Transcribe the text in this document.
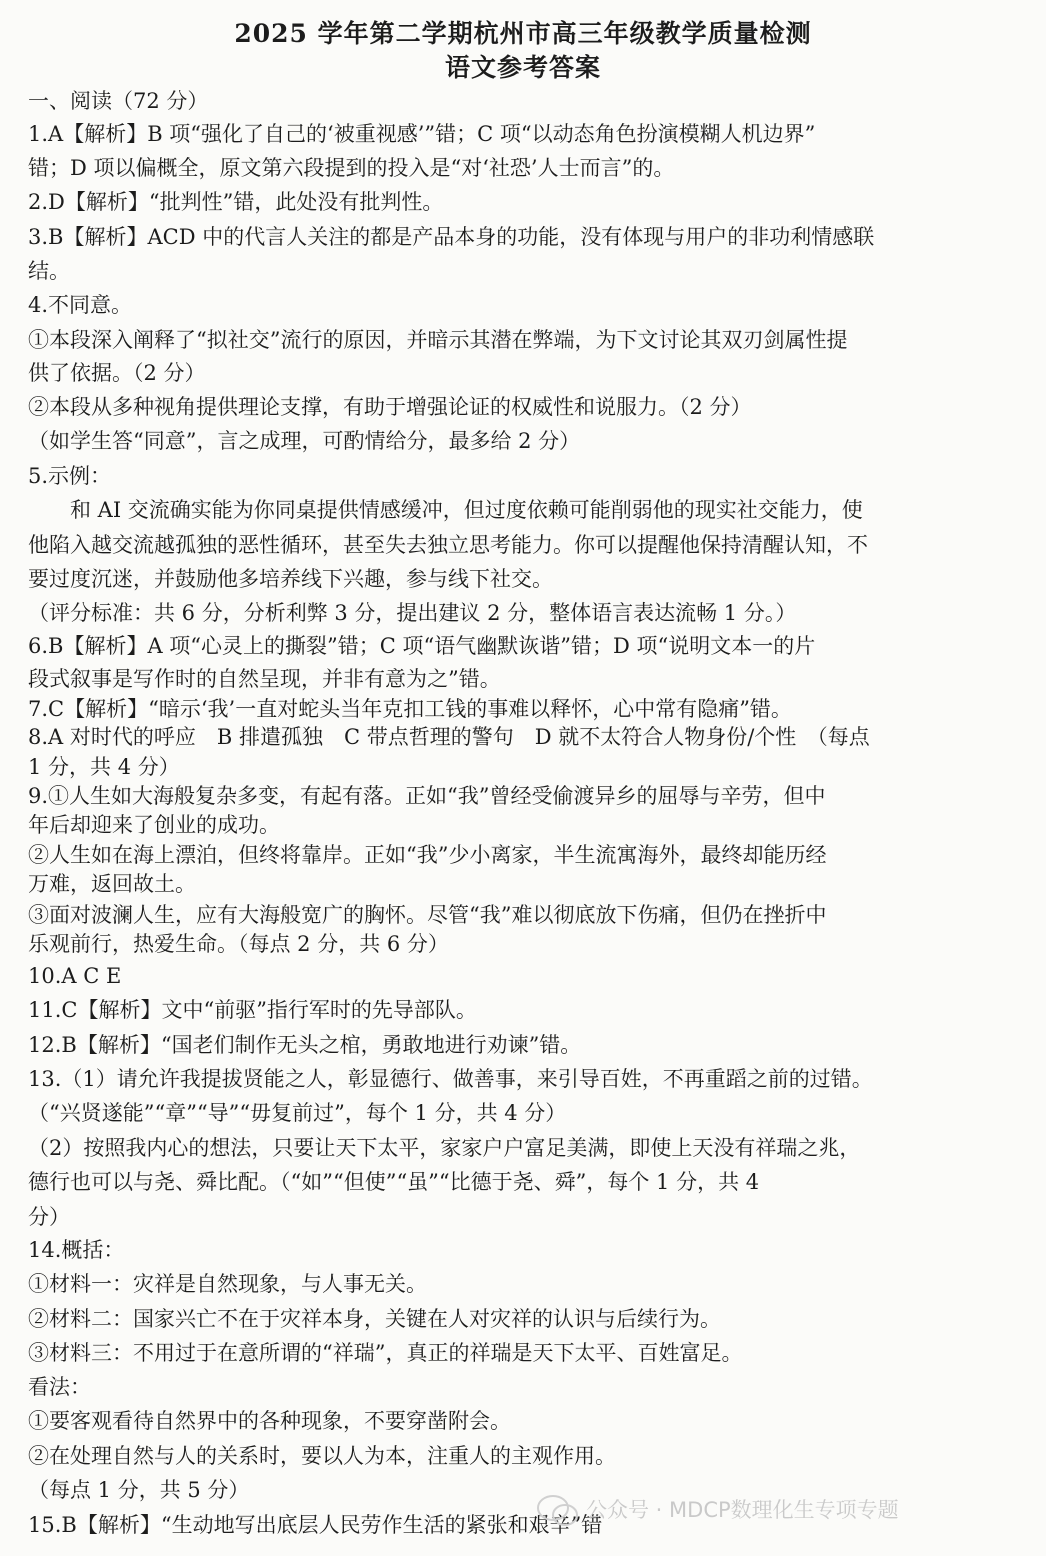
2025 学年第二学期杭州市高三年级教学质量检测
语文参考答案
一、阅读（72 分）
1.A【解析】B 项“强化了自己的‘被重视感’”错；C 项“以动态角色扮演模糊人机边界”
错；D 项以偏概全，原文第六段提到的投入是“对‘社恐’人士而言”的。
2.D【解析】“批判性”错，此处没有批判性。
3.B【解析】ACD 中的代言人关注的都是产品本身的功能，没有体现与用户的非功利情感联
结。
4.不同意。
①本段深入阐释了“拟社交”流行的原因，并暗示其潜在弊端，为下文讨论其双刃剑属性提
供了依据。（2 分）
②本段从多种视角提供理论支撑，有助于增强论证的权威性和说服力。（2 分）
（如学生答“同意”，言之成理，可酌情给分，最多给 2 分）
5.示例：
　　和 AI 交流确实能为你同桌提供情感缓冲，但过度依赖可能削弱他的现实社交能力，使
他陷入越交流越孤独的恶性循环，甚至失去独立思考能力。你可以提醒他保持清醒认知，不
要过度沉迷，并鼓励他多培养线下兴趣，参与线下社交。
（评分标准：共 6 分，分析利弊 3 分，提出建议 2 分，整体语言表达流畅 1 分。）
6.B【解析】A 项“心灵上的撕裂”错；C 项“语气幽默诙谐”错；D 项“说明文本一的片
段式叙事是写作时的自然呈现，并非有意为之”错。
7.C【解析】“暗示‘我’一直对蛇头当年克扣工钱的事难以释怀，心中常有隐痛”错。
8.A 对时代的呼应　B 排遣孤独　C 带点哲理的警句　D 就不太符合人物身份/个性　（每点
1 分，共 4 分）
9.①人生如大海般复杂多变，有起有落。正如“我”曾经受偷渡异乡的屈辱与辛劳，但中
年后却迎来了创业的成功。
②人生如在海上漂泊，但终将靠岸。正如“我”少小离家，半生流寓海外，最终却能历经
万难，返回故土。
③面对波澜人生，应有大海般宽广的胸怀。尽管“我”难以彻底放下伤痛，但仍在挫折中
乐观前行，热爱生命。（每点 2 分，共 6 分）
10.A C E
11.C【解析】文中“前驱”指行军时的先导部队。
12.B【解析】“国老们制作无头之棺，勇敢地进行劝谏”错。
13.（1）请允许我提拔贤能之人，彰显德行、做善事，来引导百姓，不再重蹈之前的过错。
（“兴贤遂能”“章”“导”“毋复前过”，每个 1 分，共 4 分）
（2）按照我内心的想法，只要让天下太平，家家户户富足美满，即使上天没有祥瑞之兆，
德行也可以与尧、舜比配。（“如”“但使”“虽”“比德于尧、舜”，每个 1 分，共 4
分）
14.概括：
①材料一：灾祥是自然现象，与人事无关。
②材料二：国家兴亡不在于灾祥本身，关键在人对灾祥的认识与后续行为。
③材料三：不用过于在意所谓的“祥瑞”，真正的祥瑞是天下太平、百姓富足。
看法：
①要客观看待自然界中的各种现象，不要穿凿附会。
②在处理自然与人的关系时，要以人为本，注重人的主观作用。
（每点 1 分，共 5 分）
15.B【解析】“生动地写出底层人民劳作生活的紧张和艰辛”错
公众号 · MDCP数理化生专项专题
